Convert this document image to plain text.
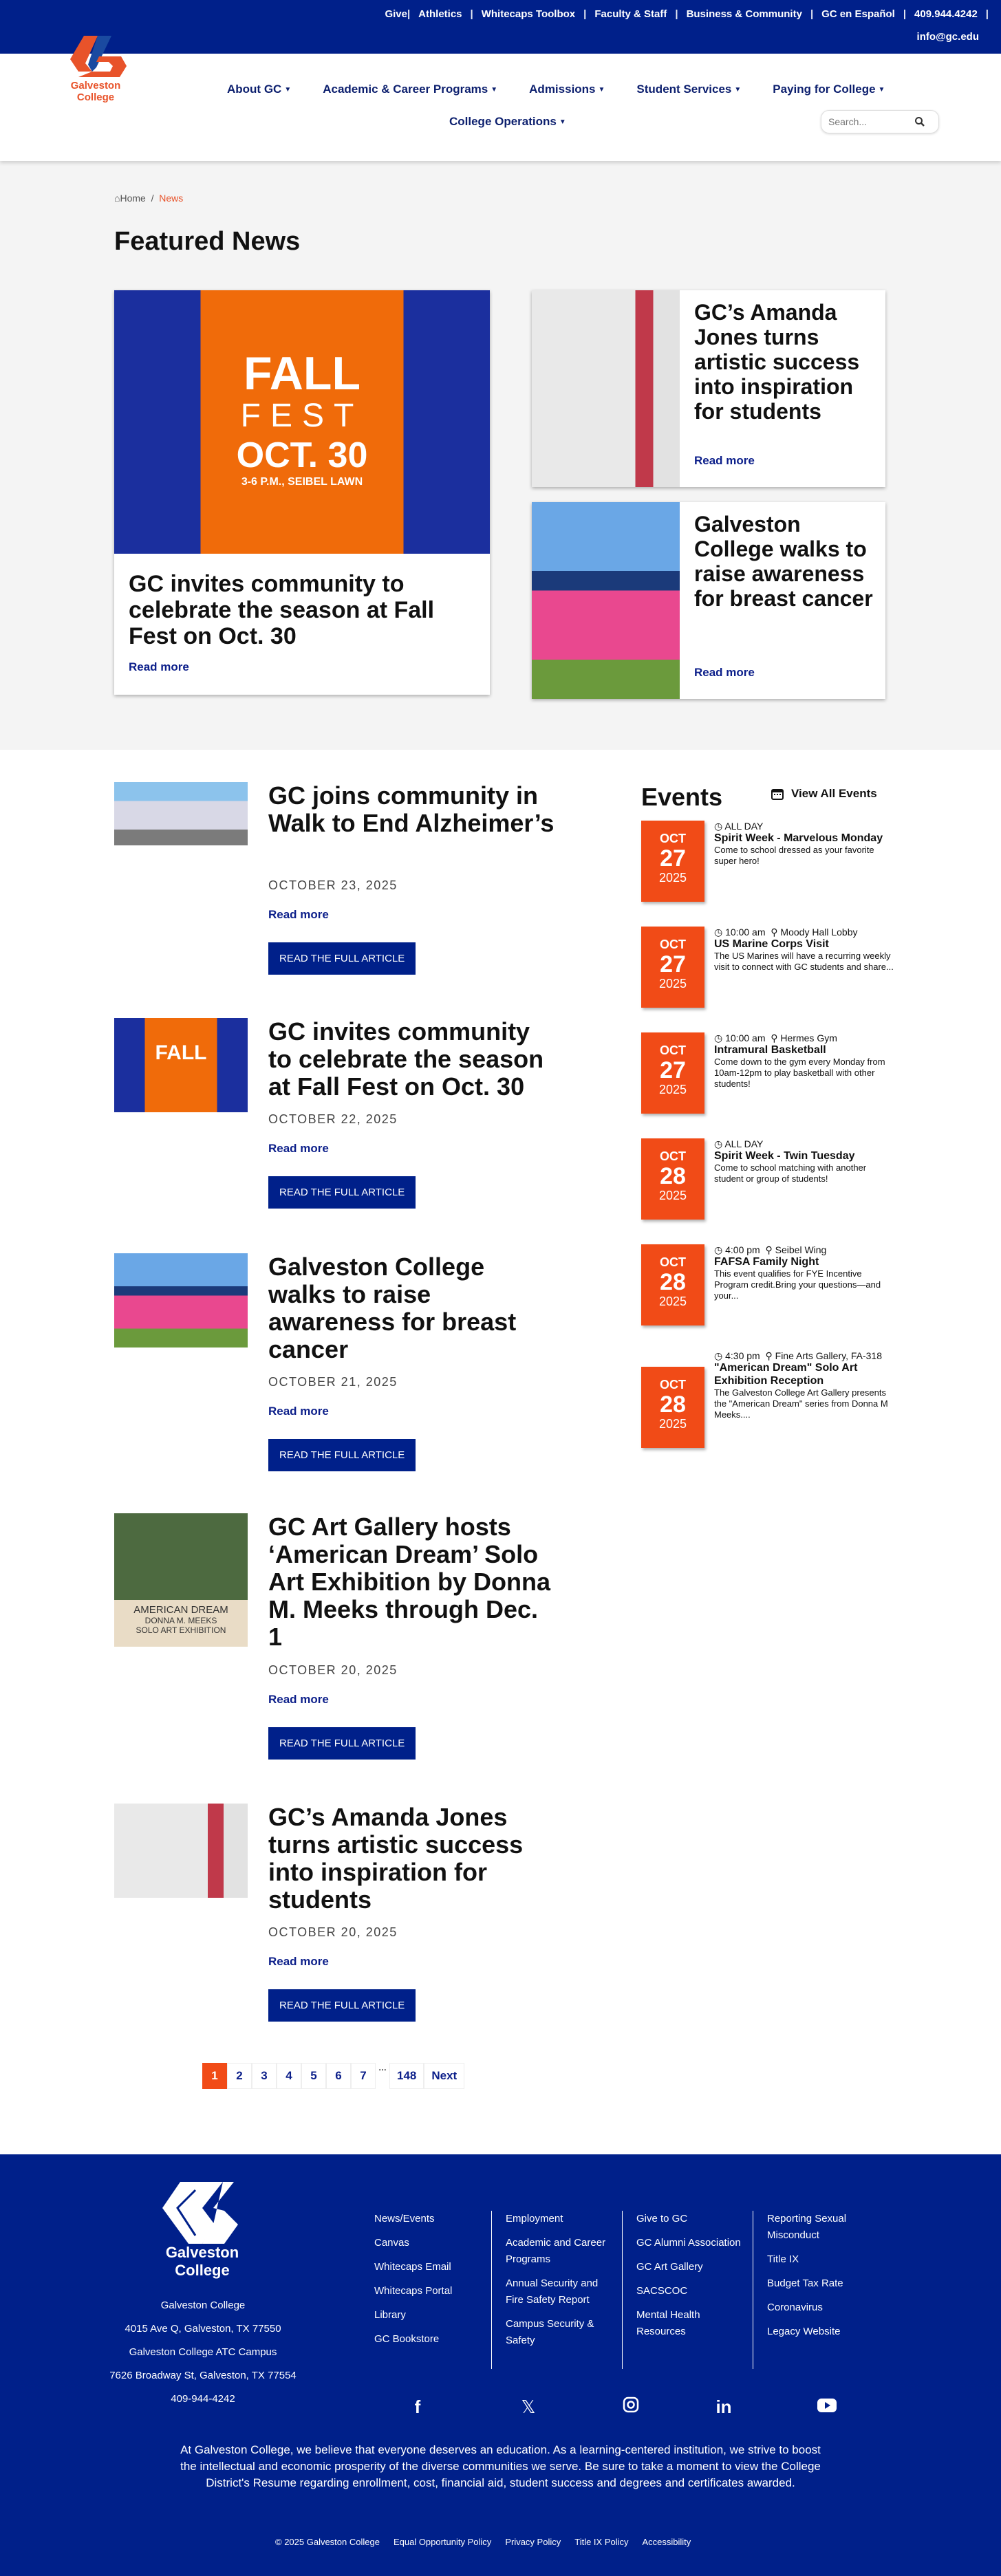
Give | Athletics | Whitecaps Toolbox | Faculty & Staff | Business & Community | GC en Español | 409.944.4242 |
info@gc.edu
Galveston
College
About GC ▼	Academic & Career Programs ▼	Admissions ▼	Student Services ▼	Paying for College ▼
College Operations ▼
Search...
⌂Home / News
Featured News
FALL
FEST
OCT. 30
3-6 P.M., SEIBEL LAWN
GC invites community to celebrate the season at Fall Fest on Oct. 30
Read more
GC’s Amanda Jones turns artistic success into inspiration for students
Read more
Galveston College walks to raise awareness for breast cancer
Read more
GC joins community in Walk to End Alzheimer’s
OCTOBER 23, 2025
Read more
READ THE FULL ARTICLE
FALL
GC invites community to celebrate the season at Fall Fest on Oct. 30
OCTOBER 22, 2025
Read more
READ THE FULL ARTICLE
Galveston College walks to raise awareness for breast cancer
OCTOBER 21, 2025
Read more
READ THE FULL ARTICLE
AMERICAN DREAM
DONNA M. MEEKS
SOLO ART EXHIBITION
GC Art Gallery hosts ‘American Dream’ Solo Art Exhibition by Donna M. Meeks through Dec. 1
OCTOBER 20, 2025
Read more
READ THE FULL ARTICLE
GC’s Amanda Jones turns artistic success into inspiration for students
OCTOBER 20, 2025
Read more
READ THE FULL ARTICLE
Events	View All Events
OCT
27
2025
◷ ALL DAY
Spirit Week - Marvelous Monday
Come to school dressed as your favorite super hero!
OCT
27
2025
◷ 10:00 am ⚲ Moody Hall Lobby
US Marine Corps Visit
The US Marines will have a recurring weekly visit to connect with GC students and share...
OCT
27
2025
◷ 10:00 am ⚲ Hermes Gym
Intramural Basketball
Come down to the gym every Monday from 10am-12pm to play basketball with other students!
OCT
28
2025
◷ ALL DAY
Spirit Week - Twin Tuesday
Come to school matching with another student or group of students!
OCT
28
2025
◷ 4:00 pm ⚲ Seibel Wing
FAFSA Family Night
This event qualifies for FYE Incentive Program credit.Bring your questions—and your...
OCT
28
2025
◷ 4:30 pm ⚲ Fine Arts Gallery, FA-318
"American Dream" Solo Art Exhibition Reception
The Galveston College Art Gallery presents the "American Dream" series from Donna M Meeks....
1	2	3	4	5	6	7
…
148	Next
Galveston
College
Galveston College
4015 Ave Q, Galveston, TX 77550
Galveston College ATC Campus
7626 Broadway St, Galveston, TX 77554
409-944-4242
News/Events
Canvas
Whitecaps Email
Whitecaps Portal
Library
GC Bookstore
Employment
Academic and Career Programs
Annual Security and Fire Safety Report
Campus Security & Safety
Give to GC
GC Alumni Association
GC Art Gallery
SACSCOC
Mental Health Resources
Reporting Sexual Misconduct
Title IX
Budget Tax Rate
Coronavirus
Legacy Website
f	𝕏	in

At Galveston College, we believe that everyone deserves an education. As a learning-centered institution, we strive to boost the intellectual and economic prosperity of the diverse communities we serve. Be sure to take a moment to view the College District's Resume regarding enrollment, cost, financial aid, student success and degrees and certificates awarded.

© 2025 Galveston College Equal Opportunity Policy Privacy Policy Title IX Policy Accessibility
